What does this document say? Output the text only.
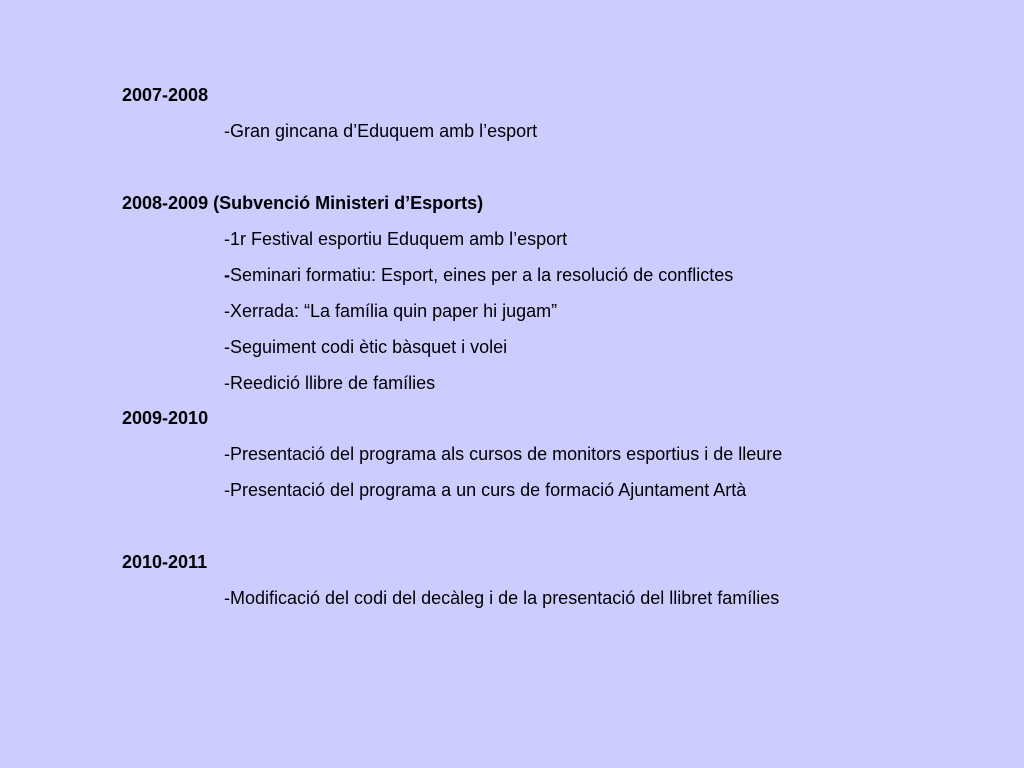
2007-2008
-Gran gincana d’Eduquem amb l’esport
2008-2009 (Subvenció Ministeri d’Esports)
-1r Festival esportiu Eduquem amb l’esport
-Seminari formatiu: Esport, eines per a la resolució de conflictes
-Xerrada: “La família quin paper hi jugam”
-Seguiment codi ètic bàsquet i volei
-Reedició llibre de famílies
2009-2010
-Presentació del programa als cursos de monitors esportius i de lleure
-Presentació del programa a un curs de formació Ajuntament Artà
2010-2011
-Modificació del codi del decàleg i de la presentació del llibret famílies
